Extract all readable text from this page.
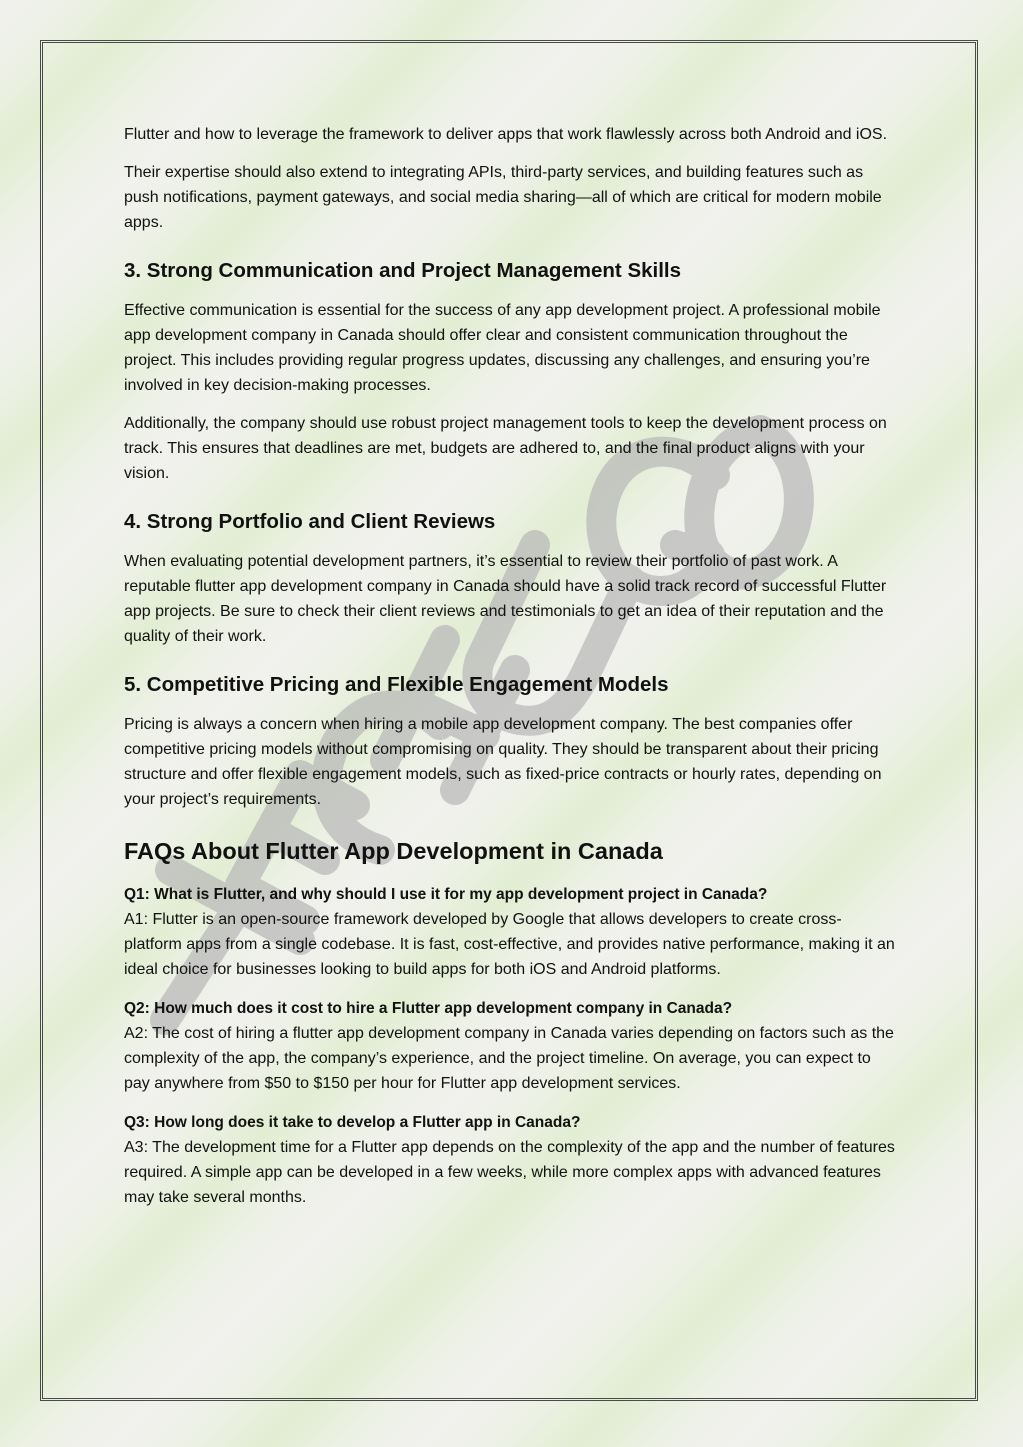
Flutter and how to leverage the framework to deliver apps that work flawlessly across both Android and iOS.

Their expertise should also extend to integrating APIs, third-party services, and building features such as push notifications, payment gateways, and social media sharing—all of which are critical for modern mobile apps.

3. Strong Communication and Project Management Skills

Effective communication is essential for the success of any app development project. A professional mobile app development company in Canada should offer clear and consistent communication throughout the project. This includes providing regular progress updates, discussing any challenges, and ensuring you’re involved in key decision-making processes.

Additionally, the company should use robust project management tools to keep the development process on track. This ensures that deadlines are met, budgets are adhered to, and the final product aligns with your vision.

4. Strong Portfolio and Client Reviews

When evaluating potential development partners, it’s essential to review their portfolio of past work. A reputable flutter app development company in Canada should have a solid track record of successful Flutter app projects. Be sure to check their client reviews and testimonials to get an idea of their reputation and the quality of their work.

5. Competitive Pricing and Flexible Engagement Models

Pricing is always a concern when hiring a mobile app development company. The best companies offer competitive pricing models without compromising on quality. They should be transparent about their pricing structure and offer flexible engagement models, such as fixed-price contracts or hourly rates, depending on your project’s requirements.

FAQs About Flutter App Development in Canada
Q1: What is Flutter, and why should I use it for my app development project in Canada?
A1: Flutter is an open-source framework developed by Google that allows developers to create cross-platform apps from a single codebase. It is fast, cost-effective, and provides native performance, making it an ideal choice for businesses looking to build apps for both iOS and Android platforms.
Q2: How much does it cost to hire a Flutter app development company in Canada?
A2: The cost of hiring a flutter app development company in Canada varies depending on factors such as the complexity of the app, the company’s experience, and the project timeline. On average, you can expect to pay anywhere from $50 to $150 per hour for Flutter app development services.
Q3: How long does it take to develop a Flutter app in Canada?
A3: The development time for a Flutter app depends on the complexity of the app and the number of features required. A simple app can be developed in a few weeks, while more complex apps with advanced features may take several months.
